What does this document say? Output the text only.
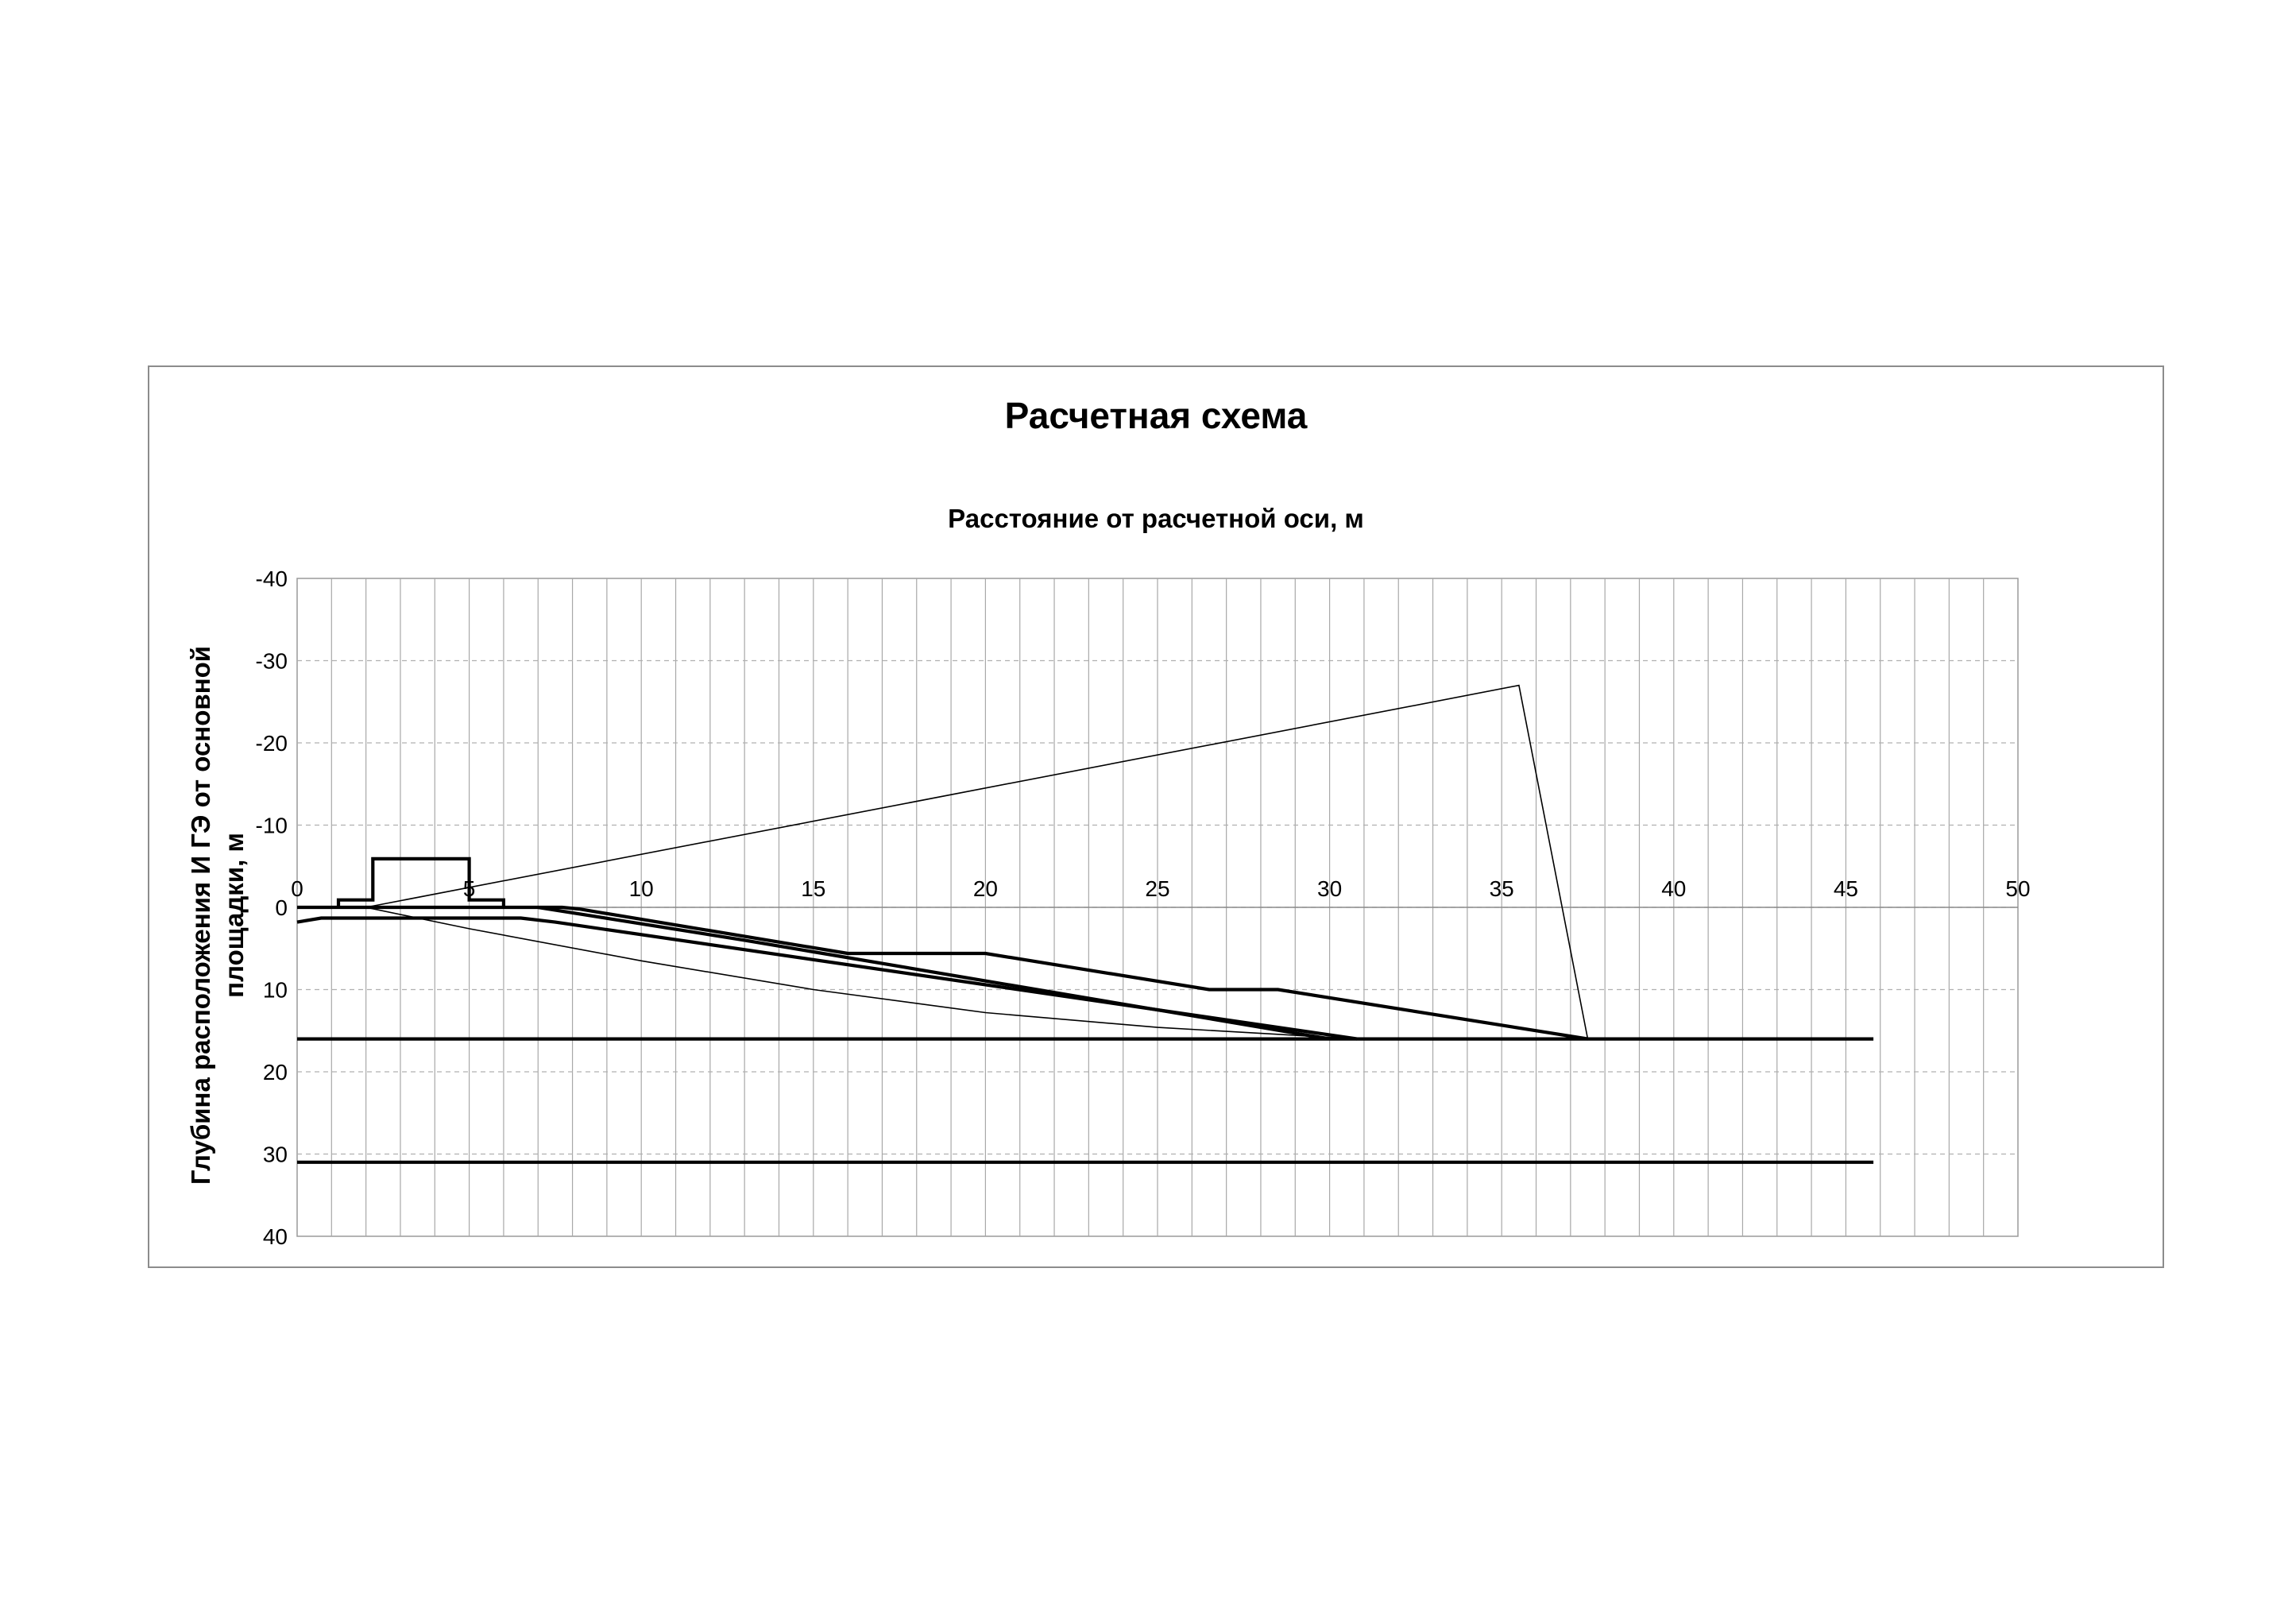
Расчетная схема
Расстояние от расчетной оси, м
Глубина расположения И ГЭ от основной площадки, м 0	5	10	15	20	25	30	35	40	45	50
-40
-30
-20
-10
0
10
20
30
40
